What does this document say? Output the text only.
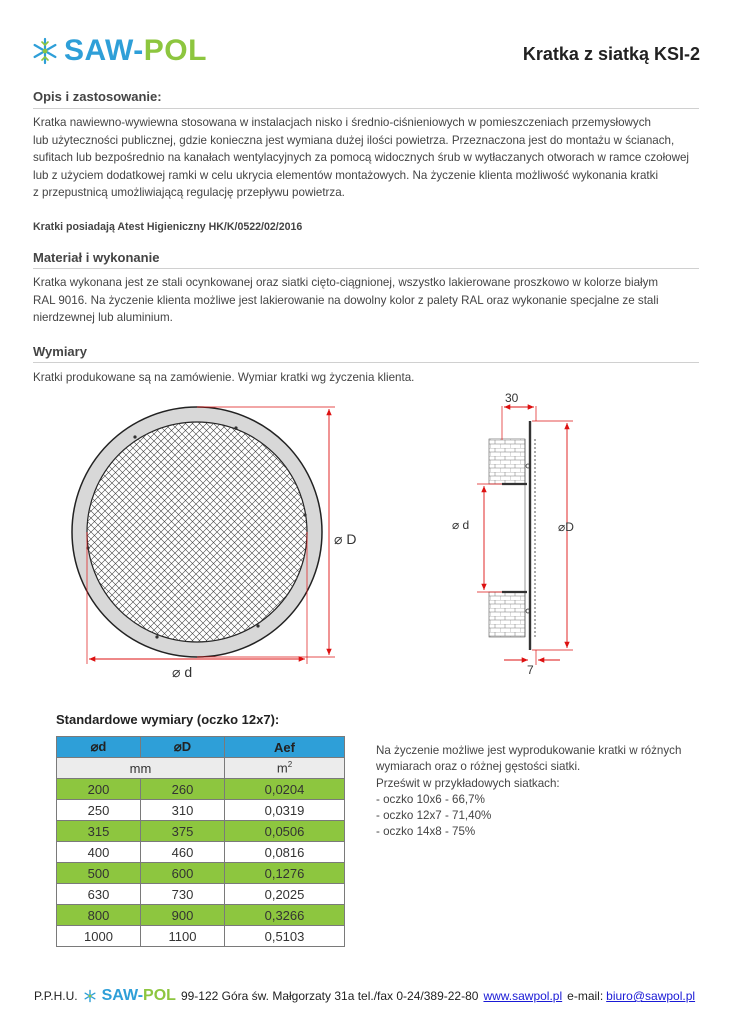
SAW-POL	Kratka z siatką KSI-2
Opis i zastosowanie:
Kratka nawiewno-wywiewna stosowana w instalacjach nisko i średnio-ciśnieniowych w pomieszczeniach przemysłowych
lub użyteczności publicznej, gdzie konieczna jest wymiana dużej ilości powietrza. Przeznaczona jest do montażu w ścianach,
sufitach lub bezpośrednio na kanałach wentylacyjnych za pomocą widocznych śrub w wytłaczanych otworach w ramce czołowej
lub z użyciem dodatkowej ramki w celu ukrycia elementów montażowych. Na życzenie klienta możliwość wykonania kratki
z przepustnicą umożliwiającą regulację przepływu powietrza.
Kratki posiadają Atest Higieniczny HK/K/0522/02/2016
Materiał i wykonanie
Kratka wykonana jest ze stali ocynkowanej oraz siatki cięto-ciągnionej, wszystko lakierowane proszkowo w kolorze białym
RAL 9016. Na życzenie klienta możliwe jest lakierowanie na dowolny kolor z palety RAL oraz wykonanie specjalne ze stali
nierdzewnej lub aluminium.
Wymiary
Kratki produkowane są na zamówienie. Wymiar kratki wg życzenia klienta.
⌀ D
⌀ d
30
⌀ d	⌀D
7
Standardowe wymiary (oczko 12x7):
⌀d	⌀D	Aef
mm		$m^2$
200	260	0,0204
250	310	0,0319
315	375	0,0506
400	460	0,0816
500	600	0,1276
630	730	0,2025
800	900	0,3266
1000	1100	0,5103
Na życzenie możliwe jest wyprodukowanie kratki w różnych
wymiarach oraz o różnej gęstości siatki.
Prześwit w przykładowych siatkach:
- oczko 10x6 - 66,7%
- oczko 12x7 - 71,40%
- oczko 14x8 - 75%
P.P.H.U. SAW-POL 99-122 Góra św. Małgorzaty 31a tel./fax 0-24/389-22-80 www.sawpol.pl e-mail: biuro@sawpol.pl
